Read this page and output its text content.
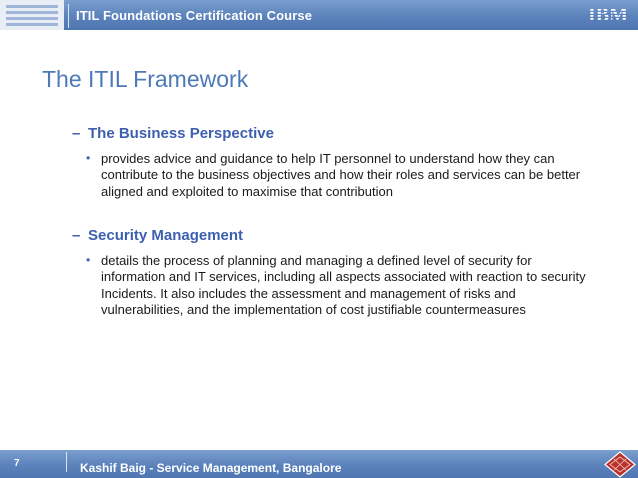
ITIL Foundations Certification Course	IBM
The ITIL Framework
– The Business Perspective
• provides advice and guidance to help IT personnel to understand how they can contribute to the business objectives and how their roles and services can be better aligned and exploited to maximise that contribution
– Security Management
• details the process of planning and managing a defined level of security for information and IT services, including all aspects associated with reaction to security Incidents. It also includes the assessment and management of risks and vulnerabilities, and the implementation of cost justifiable countermeasures
7	Kashif Baig - Service Management, Bangalore
